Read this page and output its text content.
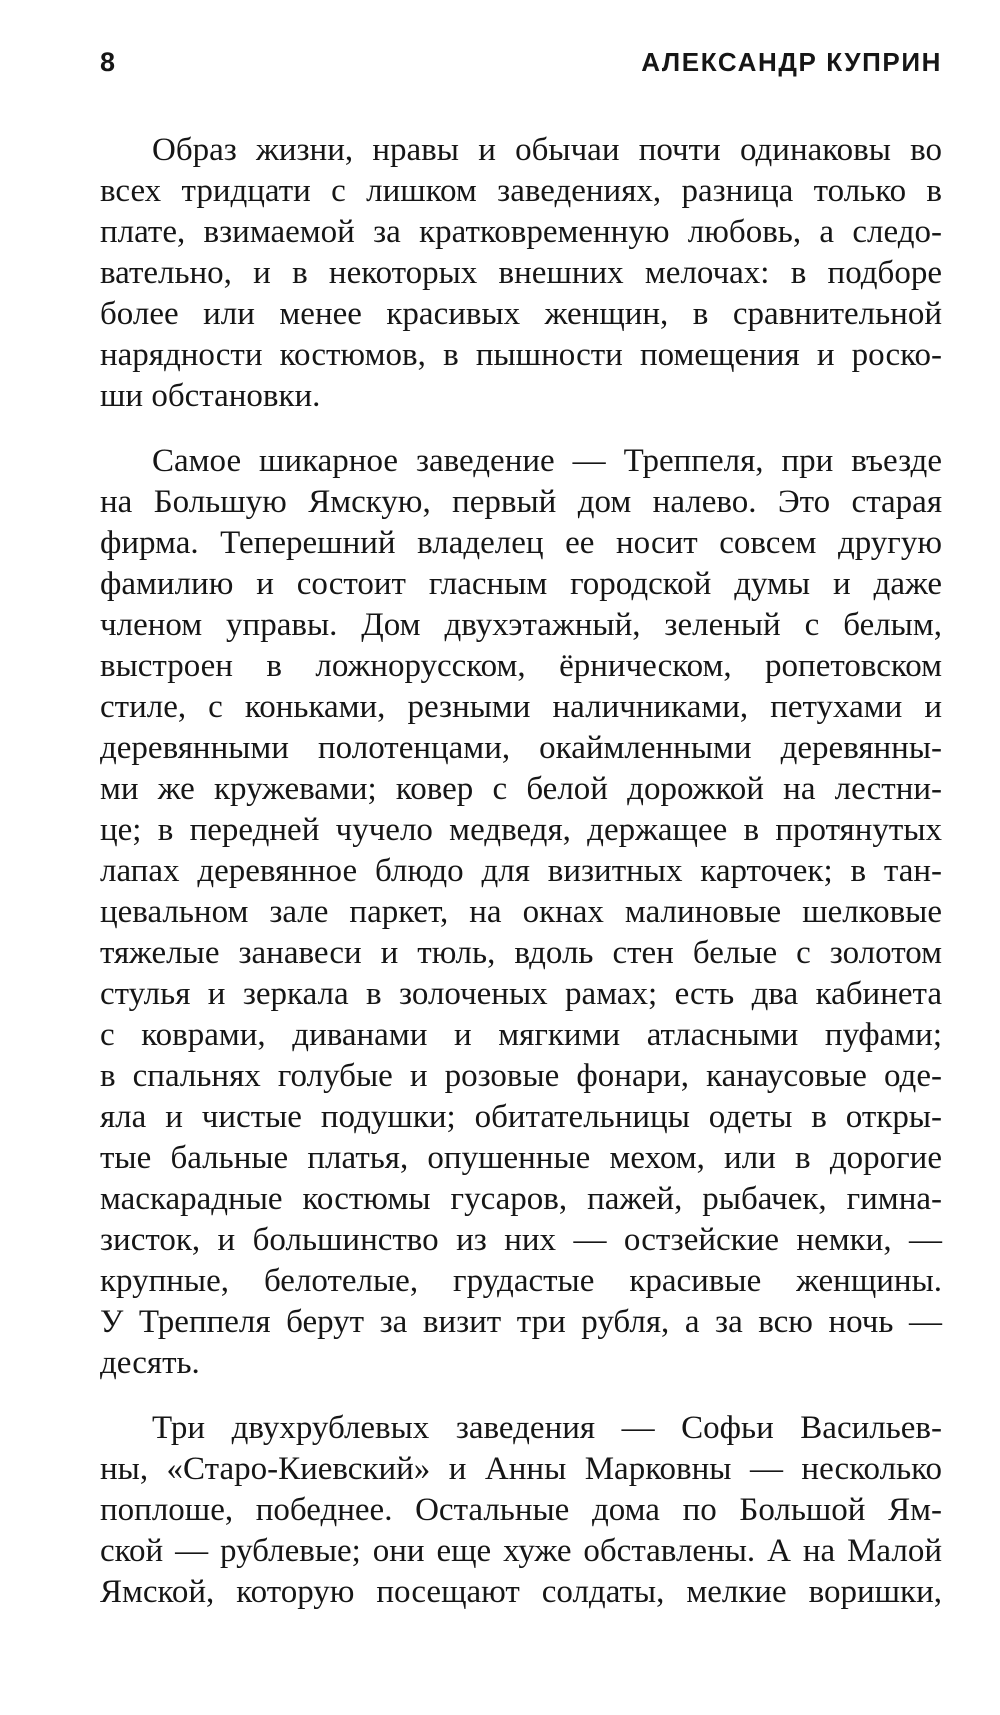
8	АЛЕКСАНДР КУПРИН
Образ жизни, нравы и обычаи почти одинаковы во
всех тридцати с лишком заведениях, разница только в
плате, взимаемой за кратковременную любовь, а следо-
вательно, и в некоторых внешних мелочах: в подборе
более или менее красивых женщин, в сравнительной
нарядности костюмов, в пышности помещения и роско-
ши обстановки.
Самое шикарное заведение — Треппеля, при въезде
на Большую Ямскую, первый дом налево. Это старая
фирма. Теперешний владелец ее носит совсем другую
фамилию и состоит гласным городской думы и даже
членом управы. Дом двухэтажный, зеленый с белым,
выстроен в ложнорусском, ёрническом, ропетовском
стиле, с коньками, резными наличниками, петухами и
деревянными полотенцами, окаймленными деревянны-
ми же кружевами; ковер с белой дорожкой на лестни-
це; в передней чучело медведя, держащее в протянутых
лапах деревянное блюдо для визитных карточек; в тан-
цевальном зале паркет, на окнах малиновые шелковые
тяжелые занавеси и тюль, вдоль стен белые с золотом
стулья и зеркала в золоченых рамах; есть два кабинета
с коврами, диванами и мягкими атласными пуфами;
в спальнях голубые и розовые фонари, канаусовые оде-
яла и чистые подушки; обитательницы одеты в откры-
тые бальные платья, опушенные мехом, или в дорогие
маскарадные костюмы гусаров, пажей, рыбачек, гимна-
зисток, и большинство из них — остзейские немки, —
крупные, белотелые, грудастые красивые женщины.
У Треппеля берут за визит три рубля, а за всю ночь —
десять.
Три двухрублевых заведения — Софьи Васильев-
ны, «Старо-Киевский» и Анны Марковны — несколько
поплоше, победнее. Остальные дома по Большой Ям-
ской — рублевые; они еще хуже обставлены. А на Малой
Ямской, которую посещают солдаты, мелкие воришки,
